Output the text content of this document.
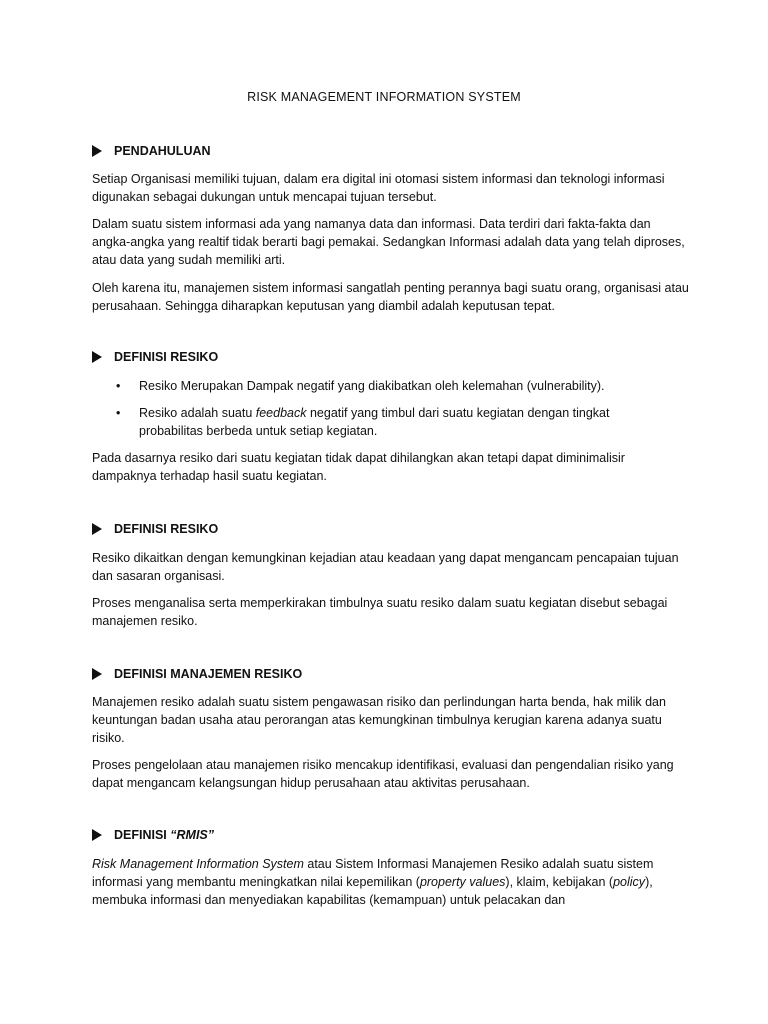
RISK MANAGEMENT INFORMATION SYSTEM
PENDAHULUAN

Setiap Organisasi memiliki tujuan, dalam era digital ini otomasi sistem informasi dan teknologi informasi digunakan sebagai dukungan untuk mencapai tujuan tersebut.

Dalam suatu sistem informasi ada yang namanya data dan informasi. Data terdiri dari fakta-fakta dan angka-angka yang realtif tidak berarti bagi pemakai. Sedangkan Informasi adalah data yang telah diproses, atau data yang sudah memiliki arti.

Oleh karena itu, manajemen sistem informasi sangatlah penting perannya bagi suatu orang, organisasi atau perusahaan. Sehingga diharapkan keputusan yang diambil adalah keputusan tepat.

DEFINISI RESIKO

• Resiko Merupakan Dampak negatif yang diakibatkan oleh kelemahan (vulnerability).

• Resiko adalah suatu feedback negatif yang timbul dari suatu kegiatan dengan tingkat probabilitas berbeda untuk setiap kegiatan.

Pada dasarnya resiko dari suatu kegiatan tidak dapat dihilangkan akan tetapi dapat diminimalisir dampaknya terhadap hasil suatu kegiatan.

DEFINISI RESIKO

Resiko dikaitkan dengan kemungkinan kejadian atau keadaan yang dapat mengancam pencapaian tujuan dan sasaran organisasi.

Proses menganalisa serta memperkirakan timbulnya suatu resiko dalam suatu kegiatan disebut sebagai manajemen resiko.

DEFINISI MANAJEMEN RESIKO

Manajemen resiko adalah suatu sistem pengawasan risiko dan perlindungan harta benda, hak milik dan keuntungan badan usaha atau perorangan atas kemungkinan timbulnya kerugian karena adanya suatu risiko.

Proses pengelolaan atau manajemen risiko mencakup identifikasi, evaluasi dan pengendalian risiko yang dapat mengancam kelangsungan hidup perusahaan atau aktivitas perusahaan.

DEFINISI “RMIS”

Risk Management Information System atau Sistem Informasi Manajemen Resiko adalah suatu sistem informasi yang membantu meningkatkan nilai kepemilikan (property values), klaim, kebijakan (policy), membuka informasi dan menyediakan kapabilitas (kemampuan) untuk pelacakan dan
